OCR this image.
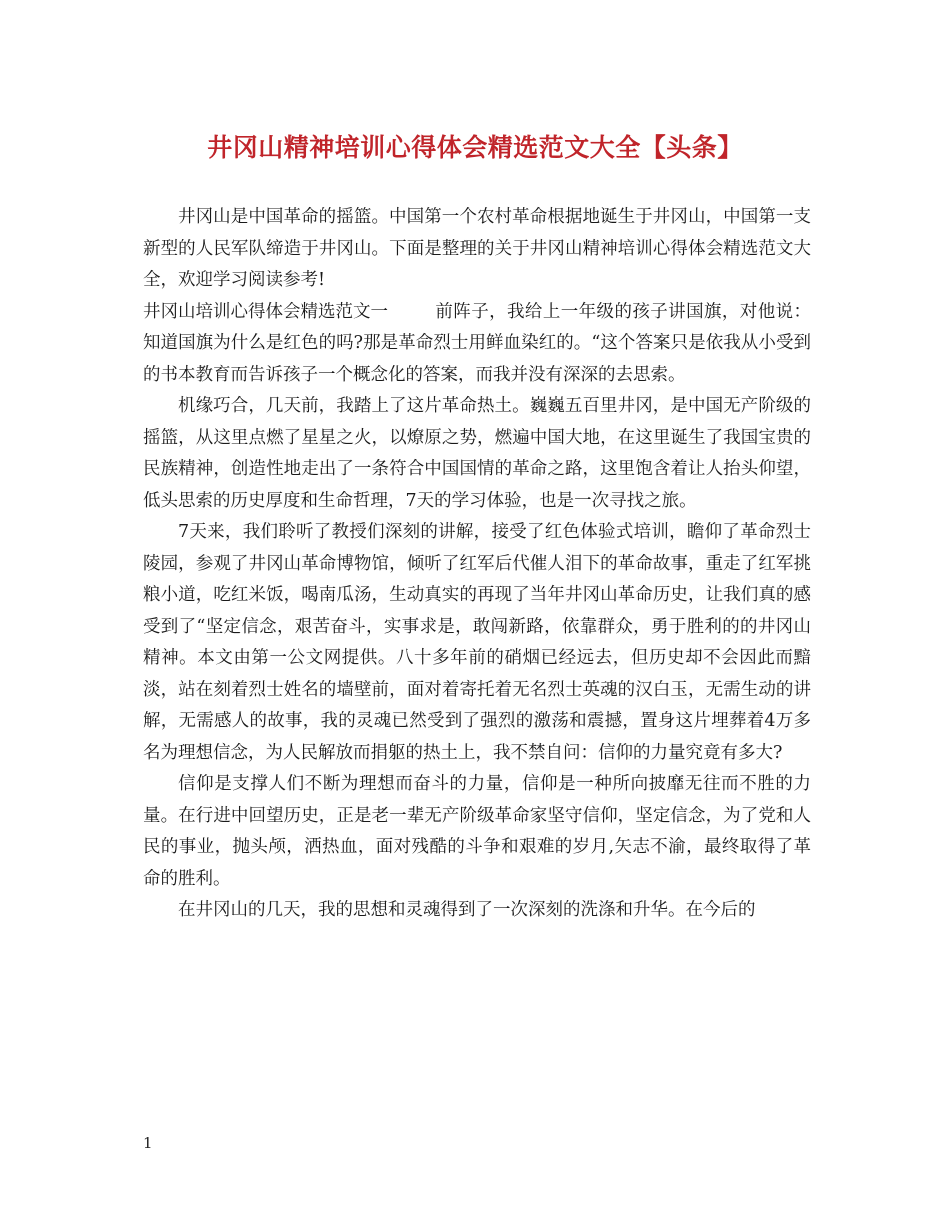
井冈山精神培训心得体会精选范文大全【头条】

井冈山是中国革命的摇篮。中国第一个农村革命根据地诞生于井冈山，中国第一支新型的人民军队缔造于井冈山。下面是整理的关于井冈山精神培训心得体会精选范文大全，欢迎学习阅读参考!

井冈山培训心得体会精选范文一	前阵子，我给上一年级的孩子讲国旗，对他说：知道国旗为什么是红色的吗?那是革命烈士用鲜血染红的。“这个答案只是依我从小受到的书本教育而告诉孩子一个概念化的答案，而我并没有深深的去思索。

机缘巧合，几天前，我踏上了这片革命热土。巍巍五百里井冈，是中国无产阶级的摇篮，从这里点燃了星星之火，以燎原之势，燃遍中国大地，在这里诞生了我国宝贵的民族精神，创造性地走出了一条符合中国国情的革命之路，这里饱含着让人抬头仰望，低头思索的历史厚度和生命哲理，7天的学习体验，也是一次寻找之旅。

7天来，我们聆听了教授们深刻的讲解，接受了红色体验式培训，瞻仰了革命烈士陵园，参观了井冈山革命博物馆，倾听了红军后代催人泪下的革命故事，重走了红军挑粮小道，吃红米饭，喝南瓜汤，生动真实的再现了当年井冈山革命历史，让我们真的感受到了“坚定信念，艰苦奋斗，实事求是，敢闯新路，依靠群众，勇于胜利的的井冈山精神。本文由第一公文网提供。八十多年前的硝烟已经远去，但历史却不会因此而黯淡，站在刻着烈士姓名的墙壁前，面对着寄托着无名烈士英魂的汉白玉，无需生动的讲解，无需感人的故事，我的灵魂已然受到了强烈的激荡和震撼，置身这片埋葬着4万多名为理想信念，为人民解放而捐躯的热土上，我不禁自问：信仰的力量究竟有多大?

信仰是支撑人们不断为理想而奋斗的力量，信仰是一种所向披靡无往而不胜的力量。在行进中回望历史，正是老一辈无产阶级革命家坚守信仰，坚定信念，为了党和人民的事业，抛头颅，洒热血，面对残酷的斗争和艰难的岁月,矢志不渝，最终取得了革命的胜利。

在井冈山的几天，我的思想和灵魂得到了一次深刻的洗涤和升华。在今后的

1
